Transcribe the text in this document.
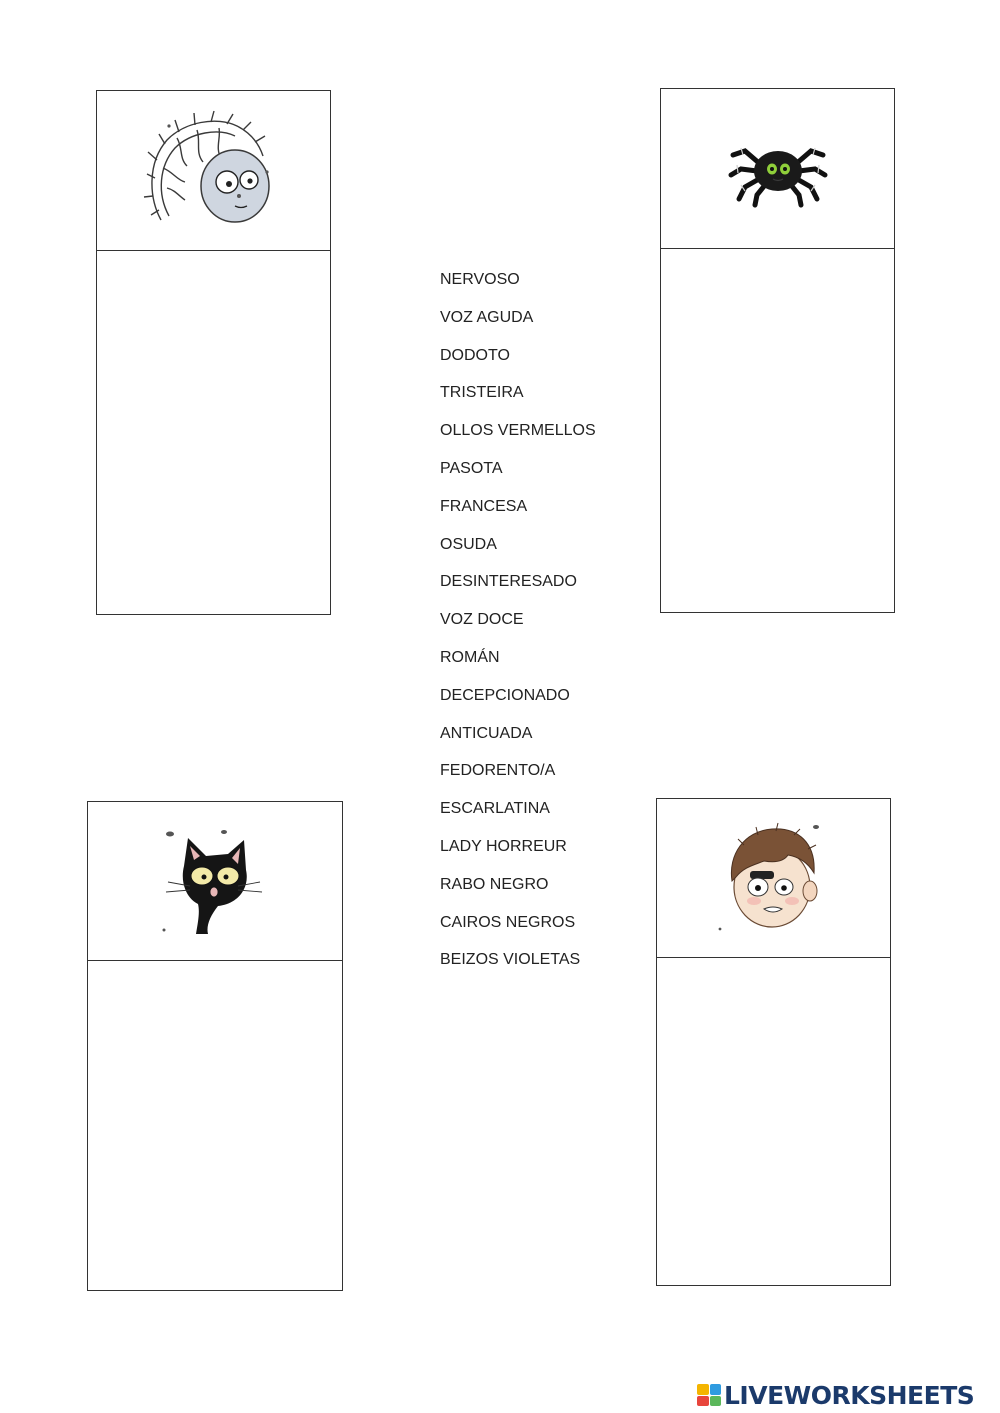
NERVOSO
VOZ AGUDA
DODOTO
TRISTEIRA
OLLOS VERMELLOS
PASOTA
FRANCESA
OSUDA
DESINTERESADO
VOZ DOCE
ROMÁN
DECEPCIONADO
ANTICUADA
FEDORENTO/A
ESCARLATINA
LADY HORREUR
RABO NEGRO
CAIROS NEGROS
BEIZOS VIOLETAS
LIVEWORKSHEETS
